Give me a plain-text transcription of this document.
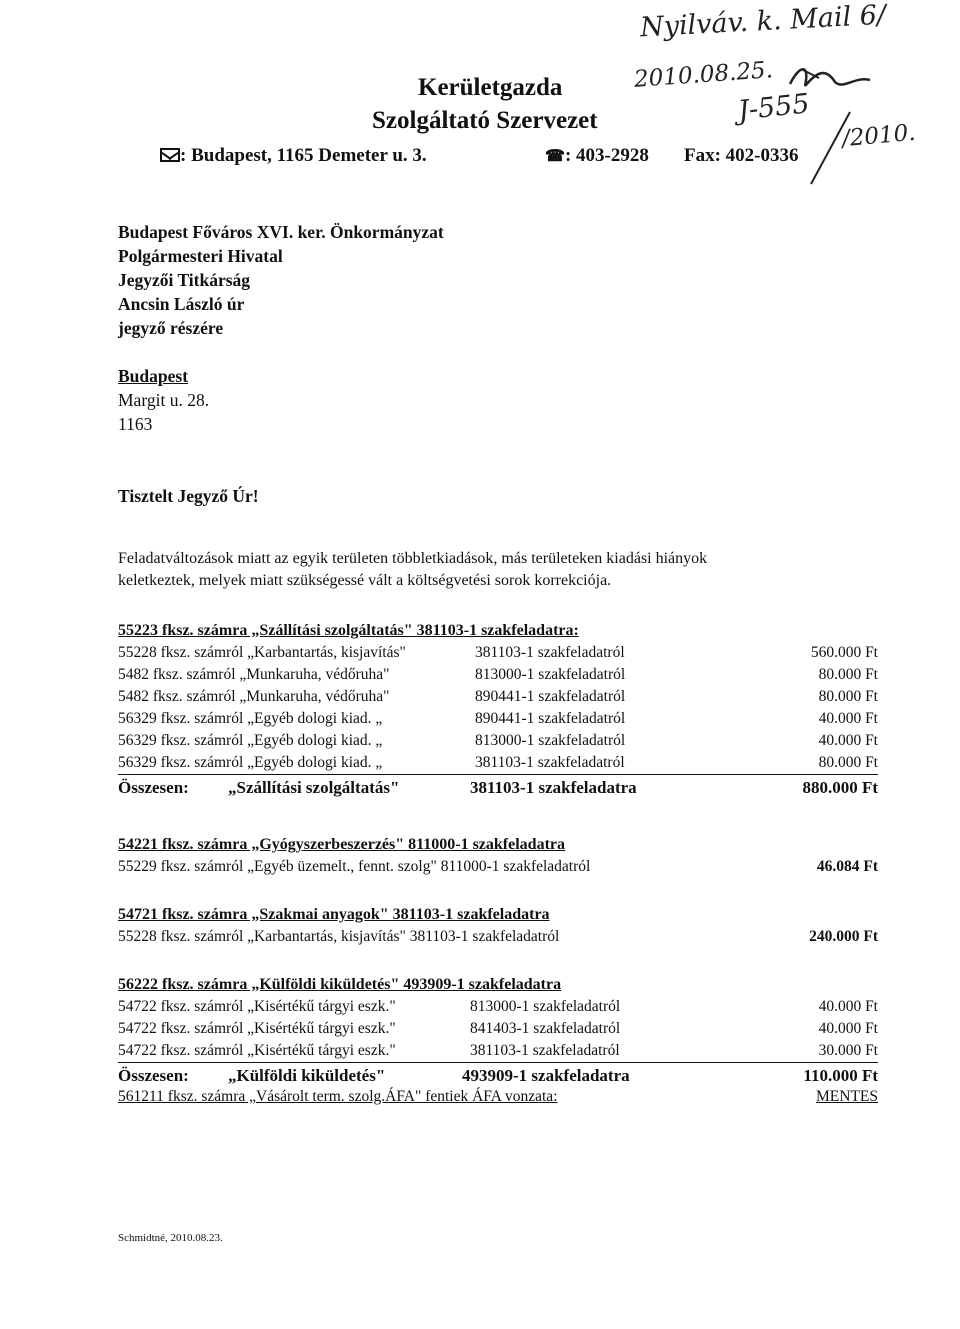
Nyilváv. k. Mail 6/
2010.08.25.
J-555
/2010.
Kerületgazda
Szolgáltató Szervezet
: Budapest, 1165 Demeter u. 3.	☎: 403-2928 Fax: 402-0336
Budapest Főváros XVI. ker. Önkormányzat
Polgármesteri Hivatal
Jegyzői Titkárság
Ancsin László úr
jegyző részére
Budapest
Margit u. 28.
1163
Tisztelt Jegyző Úr!
Feladatváltozások miatt az egyik területen többletkiadások, más területeken kiadási hiányok
keletkeztek, melyek miatt szükségessé vált a költségvetési sorok korrekciója.
55223 fksz. számra „Szállítási szolgáltatás" 381103-1 szakfeladatra:
55228 fksz. számról „Karbantartás, kisjavítás"	381103-1 szakfeladatról	560.000 Ft
5482 fksz. számról „Munkaruha, védőruha"	813000-1 szakfeladatról	80.000 Ft
5482 fksz. számról „Munkaruha, védőruha"	890441-1 szakfeladatról	80.000 Ft
56329 fksz. számról „Egyéb dologi kiad. „	890441-1 szakfeladatról	40.000 Ft
56329 fksz. számról „Egyéb dologi kiad. „	813000-1 szakfeladatról	40.000 Ft
56329 fksz. számról „Egyéb dologi kiad. „	381103-1 szakfeladatról	80.000 Ft
Összesen: „Szállítási szolgáltatás"	381103-1 szakfeladatra	880.000 Ft
54221 fksz. számra „Gyógyszerbeszerzés" 811000-1 szakfeladatra
55229 fksz. számról „Egyéb üzemelt., fennt. szolg" 811000-1 szakfeladatról	46.084 Ft
54721 fksz. számra „Szakmai anyagok" 381103-1 szakfeladatra
55228 fksz. számról „Karbantartás, kisjavítás" 381103-1 szakfeladatról	240.000 Ft
56222 fksz. számra „Külföldi kiküldetés" 493909-1 szakfeladatra
54722 fksz. számról „Kisértékű tárgyi eszk."	813000-1 szakfeladatról	40.000 Ft
54722 fksz. számról „Kisértékű tárgyi eszk."	841403-1 szakfeladatról	40.000 Ft
54722 fksz. számról „Kisértékű tárgyi eszk."	381103-1 szakfeladatról	30.000 Ft
Összesen: „Külföldi kiküldetés"	493909-1 szakfeladatra	110.000 Ft
561211 fksz. számra „Vásárolt term. szolg.ÁFA" fentiek ÁFA vonzata:	MENTES
Schmidtné, 2010.08.23.
